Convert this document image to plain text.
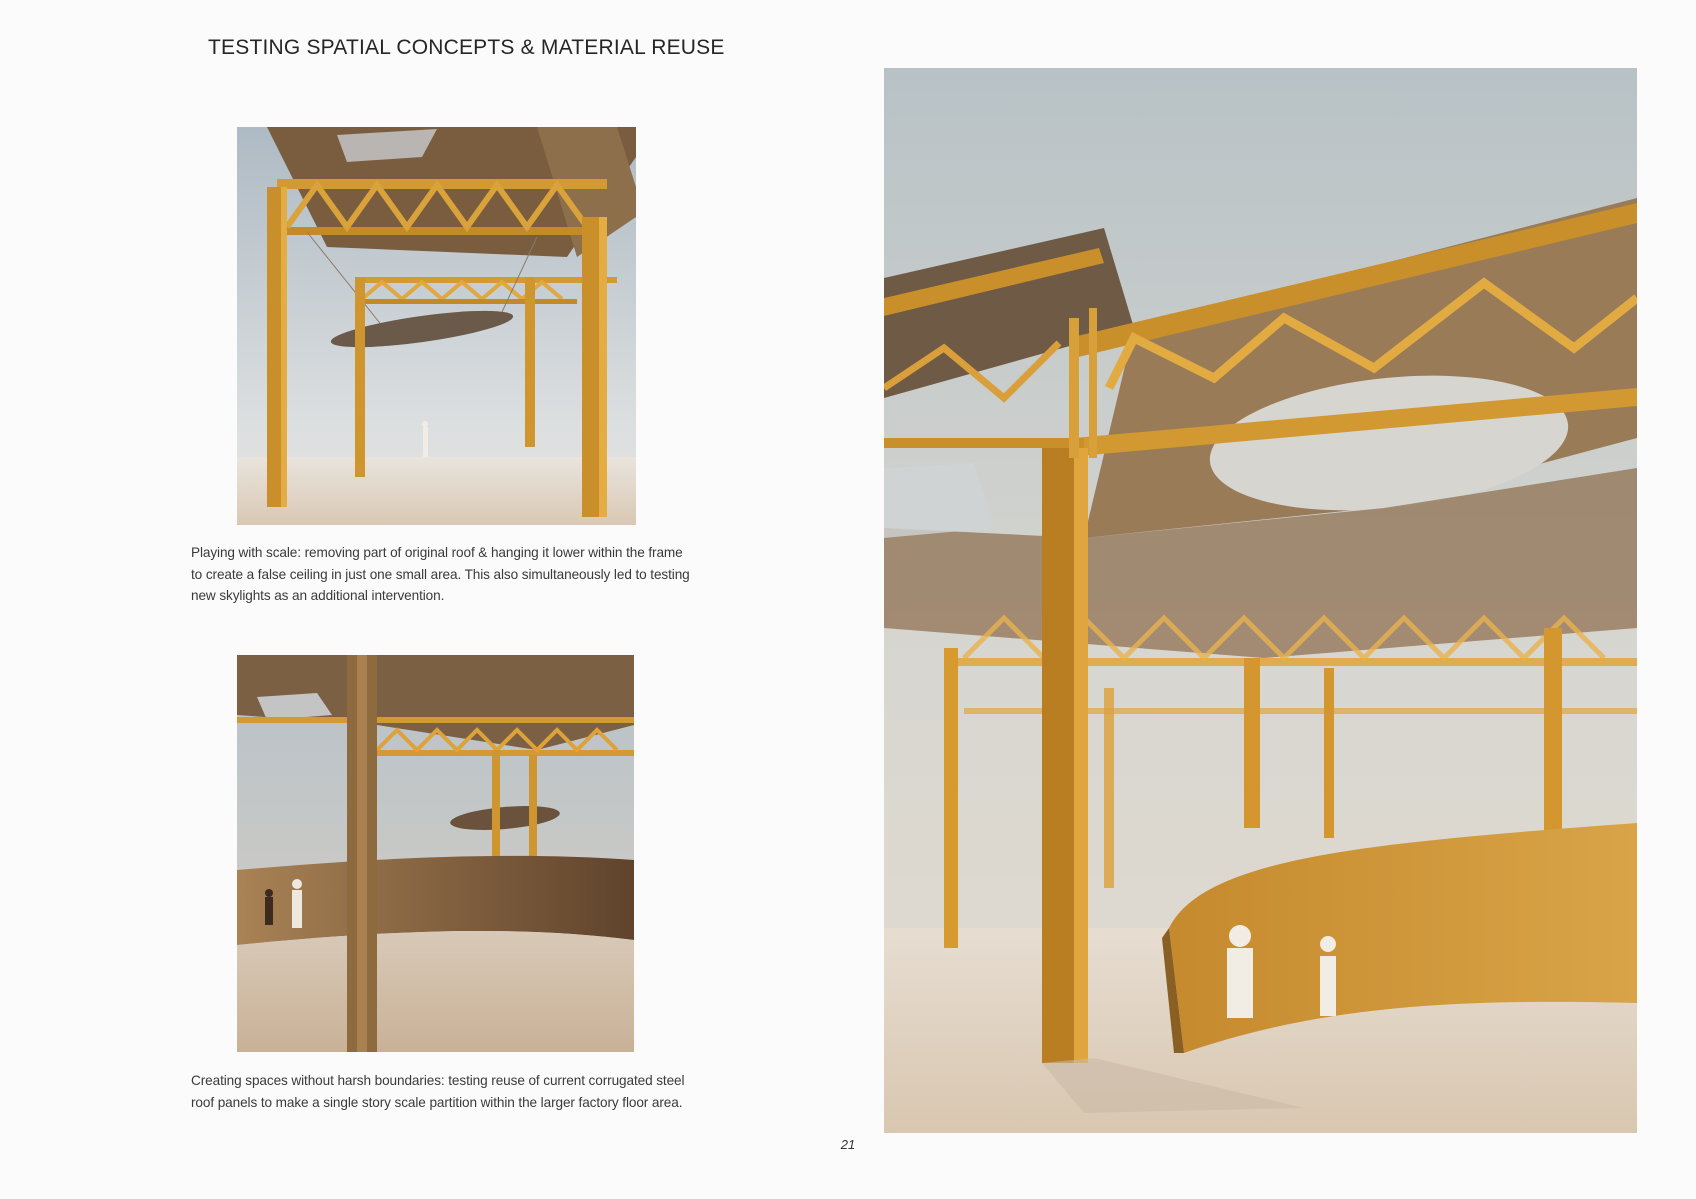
TESTING SPATIAL CONCEPTS & MATERIAL REUSE
Playing with scale: removing part of original roof & hanging it lower within the frame to create a false ceiling in just one small area. This also simultaneously led to testing new skylights as an additional intervention.
Creating spaces without harsh boundaries: testing reuse of current corrugated steel roof panels to make a single story scale partition within the larger factory floor area.
21
